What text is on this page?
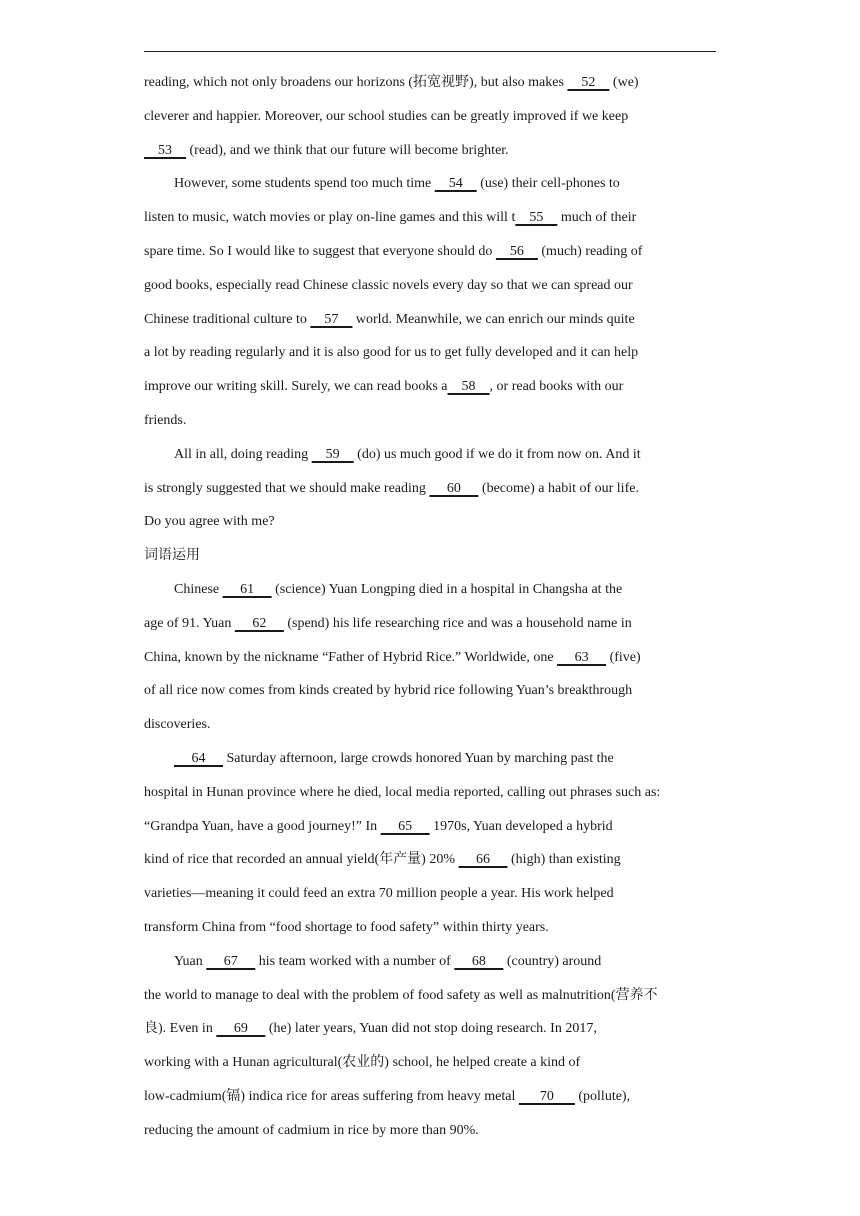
reading, which not only broadens our horizons (拓宽视野), but also makes     52     (we)
cleverer and happier. Moreover, our school studies can be greatly improved if we keep
53     (read), and we think that our future will become brighter.
However, some students spend too much time     54     (use) their cell-phones to
listen to music, watch movies or play on-line games and this will t    55     much of their
spare time. So I would like to suggest that everyone should do     56     (much) reading of
good books, especially read Chinese classic novels every day so that we can spread our
Chinese traditional culture to     57     world. Meanwhile, we can enrich our minds quite
a lot by reading regularly and it is also good for us to get fully developed and it can help
improve our writing skill. Surely, we can read books a    58    , or read books with our
friends.
All in all, doing reading     59     (do) us much good if we do it from now on. And it
is strongly suggested that we should make reading      60      (become) a habit of our life.
Do you agree with me?
词语运用
Chinese      61      (science) Yuan Longping died in a hospital in Changsha at the
age of 91. Yuan      62      (spend) his life researching rice and was a household name in
China, known by the nickname “Father of Hybrid Rice.” Worldwide, one      63      (five)
of all rice now comes from kinds created by hybrid rice following Yuan’s breakthrough
discoveries.
64      Saturday afternoon, large crowds honored Yuan by marching past the
hospital in Hunan province where he died, local media reported, calling out phrases such as:
“Grandpa Yuan, have a good journey!” In      65      1970s, Yuan developed a hybrid
kind of rice that recorded an annual yield(年产量) 20%      66      (high) than existing
varieties—meaning it could feed an extra 70 million people a year. His work helped
transform China from “food shortage to food safety” within thirty years.
Yuan      67      his team worked with a number of      68      (country) around
the world to manage to deal with the problem of food safety as well as malnutrition(营养不
良). Even in      69      (he) later years, Yuan did not stop doing research. In 2017,
working with a Hunan agricultural(农业的) school, he helped create a kind of
low-cadmium(镉) indica rice for areas suffering from heavy metal       70       (pollute),
reducing the amount of cadmium in rice by more than 90%.
